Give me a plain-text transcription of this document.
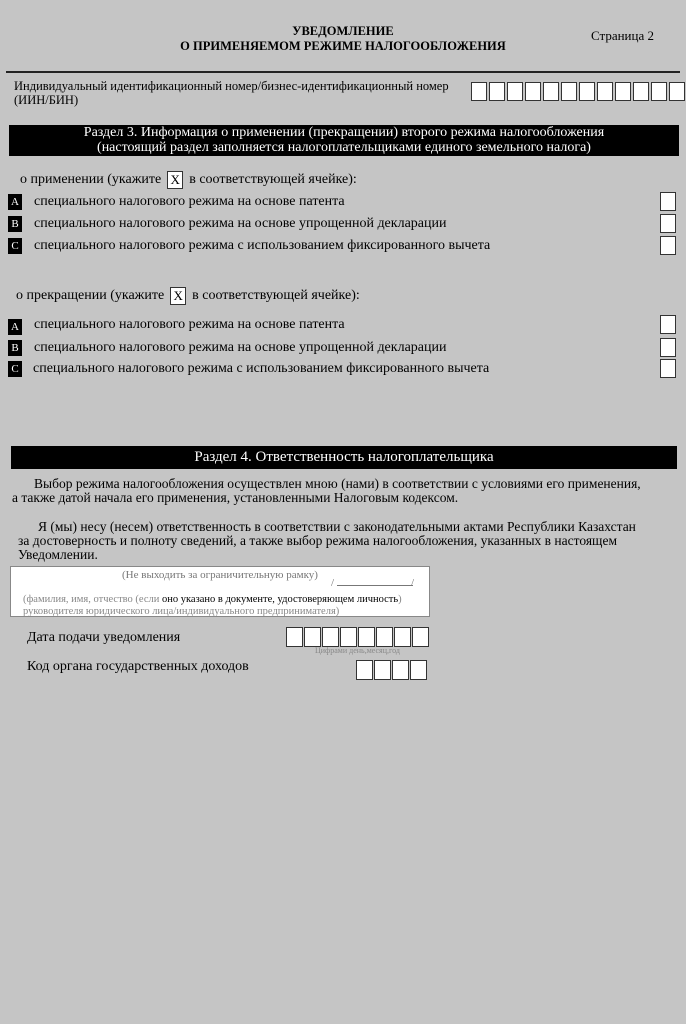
УВЕДОМЛЕНИЕ
О ПРИМЕНЯЕМОМ РЕЖИМЕ НАЛОГООБЛОЖЕНИЯ
Страница 2
Индивидуальный идентификационный номер/бизнес-идентификационный номер
(ИИН/БИН)
Раздел 3. Информация о применении (прекращении) второго режима налогообложения
(настоящий раздел заполняется налогоплательщиками единого земельного налога)
о применении (укажите X в соответствующей ячейке):
A специального налогового режима на основе патента
B специального налогового режима на основе упрощенной декларации
C специального налогового режима с использованием фиксированного вычета
о прекращении (укажите X в соответствующей ячейке):
A специального налогового режима на основе патента
B специального налогового режима на основе упрощенной декларации
C специального налогового режима с использованием фиксированного вычета
Раздел 4. Ответственность налогоплательщика
Выбор режима налогообложения осуществлен мною (нами) в соответствии с условиями его применения,
а также датой начала его применения, установленными Налоговым кодексом.
Я (мы) несу (несем) ответственность в соответствии с законодательными актами Республики Казахстан
за достоверность и полноту сведений, а также выбор режима налогообложения, указанных в настоящем
Уведомлении.
(Не выходить за ограничительную рамку)
/	/
(фамилия, имя, отчество (если оно указано в документе, удостоверяющем личность)
руководителя юридического лица/индивидуального предпринимателя)
Дата подачи уведомления
Цифрами день,месяц,год
Код органа государственных доходов
